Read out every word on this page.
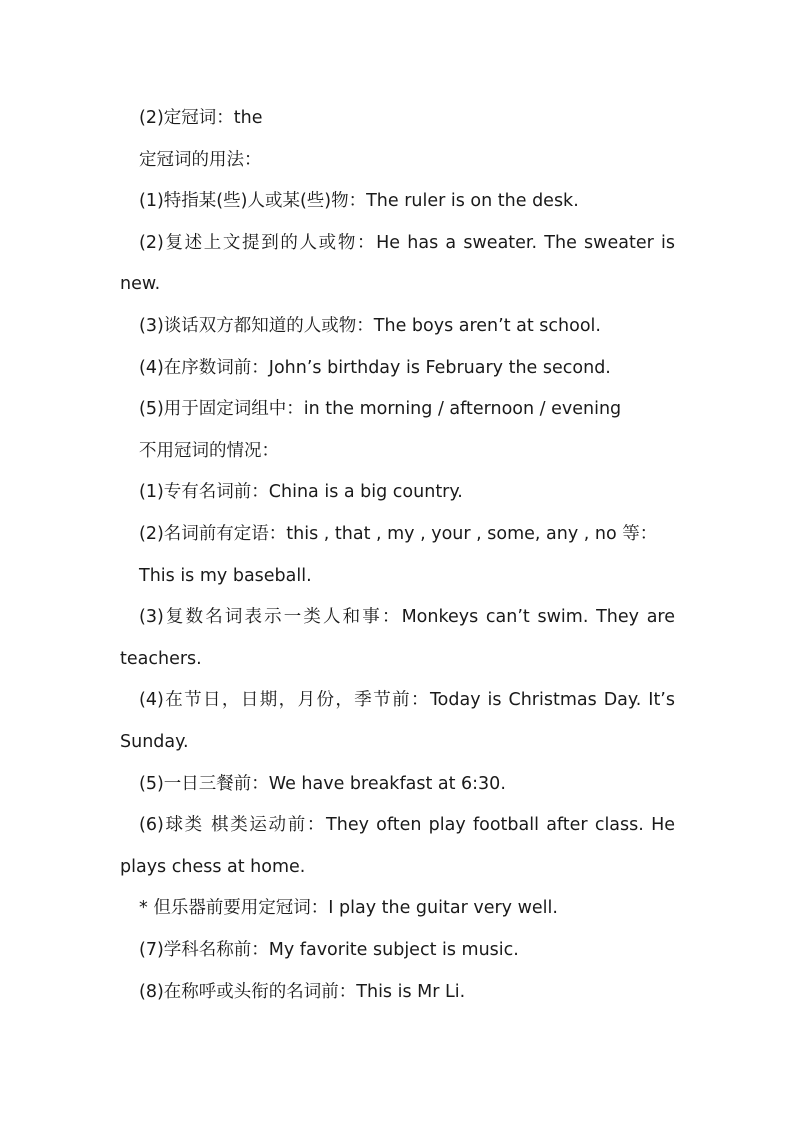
(2)定冠词：the
定冠词的用法：
(1)特指某(些)人或某(些)物：The ruler is on the desk.
(2)复述上文提到的人或物：He has a sweater. The sweater is
new.
(3)谈话双方都知道的人或物：The boys aren’t at school.
(4)在序数词前：John’s birthday is February the second.
(5)用于固定词组中：in the morning / afternoon / evening
不用冠词的情况：
(1)专有名词前：China is a big country.
(2)名词前有定语：this , that , my , your , some, any , no 等：
This is my baseball.
(3)复数名词表示一类人和事：Monkeys can’t swim. They are
teachers.
(4)在节日，日期，月份，季节前：Today is Christmas Day. It’s
Sunday.
(5)一日三餐前：We have breakfast at 6:30.
(6)球类 棋类运动前：They often play football after class. He
plays chess at home.
* 但乐器前要用定冠词：I play the guitar very well.
(7)学科名称前：My favorite subject is music.
(8)在称呼或头衔的名词前：This is Mr Li.
